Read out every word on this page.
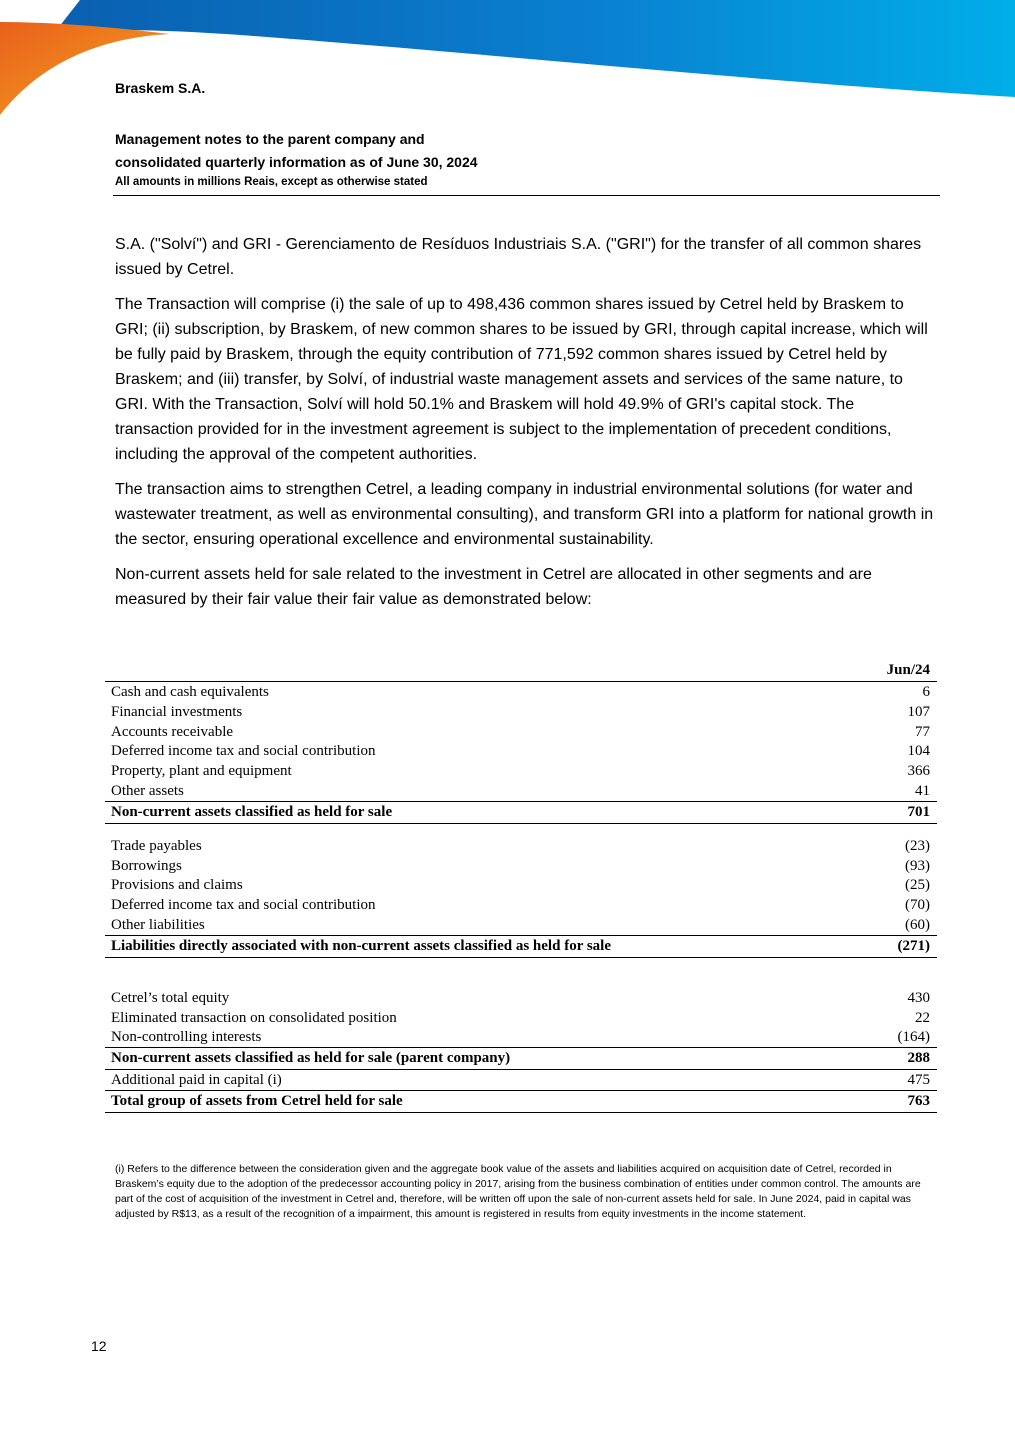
Braskem S.A.
Management notes to the parent company and
consolidated quarterly information as of June 30, 2024
All amounts in millions Reais, except as otherwise stated

S.A. ("Solví") and GRI - Gerenciamento de Resíduos Industriais S.A. ("GRI") for the transfer of all common shares issued by Cetrel.

The Transaction will comprise (i) the sale of up to 498,436 common shares issued by Cetrel held by Braskem to GRI; (ii) subscription, by Braskem, of new common shares to be issued by GRI, through capital increase, which will be fully paid by Braskem, through the equity contribution of 771,592 common shares issued by Cetrel held by Braskem; and (iii) transfer, by Solví, of industrial waste management assets and services of the same nature, to GRI. With the Transaction, Solví will hold 50.1% and Braskem will hold 49.9% of GRI's capital stock. The transaction provided for in the investment agreement is subject to the implementation of precedent conditions, including the approval of the competent authorities.

The transaction aims to strengthen Cetrel, a leading company in industrial environmental solutions (for water and wastewater treatment, as well as environmental consulting), and transform GRI into a platform for national growth in the sector, ensuring operational excellence and environmental sustainability.

Non-current assets held for sale related to the investment in Cetrel are allocated in other segments and are measured by their fair value their fair value as demonstrated below:

Jun/24
Cash and cash equivalents	6
Financial investments	107
Accounts receivable	77
Deferred income tax and social contribution	104
Property, plant and equipment	366
Other assets	41
Non-current assets classified as held for sale	701
Trade payables	(23)
Borrowings	(93)
Provisions and claims	(25)
Deferred income tax and social contribution	(70)
Other liabilities	(60)
Liabilities directly associated with non-current assets classified as held for sale	(271)
Cetrel’s total equity	430
Eliminated transaction on consolidated position	22
Non-controlling interests	(164)
Non-current assets classified as held for sale (parent company)	288
Additional paid in capital (i)	475
Total group of assets from Cetrel held for sale	763
(i) Refers to the difference between the consideration given and the aggregate book value of the assets and liabilities acquired on acquisition date of Cetrel, recorded in Braskem’s equity due to the adoption of the predecessor accounting policy in 2017, arising from the business combination of entities under common control. The amounts are part of the cost of acquisition of the investment in Cetrel and, therefore, will be written off upon the sale of non-current assets held for sale. In June 2024, paid in capital was adjusted by R$13, as a result of the recognition of a impairment, this amount is registered in results from equity investments in the income statement.
12
